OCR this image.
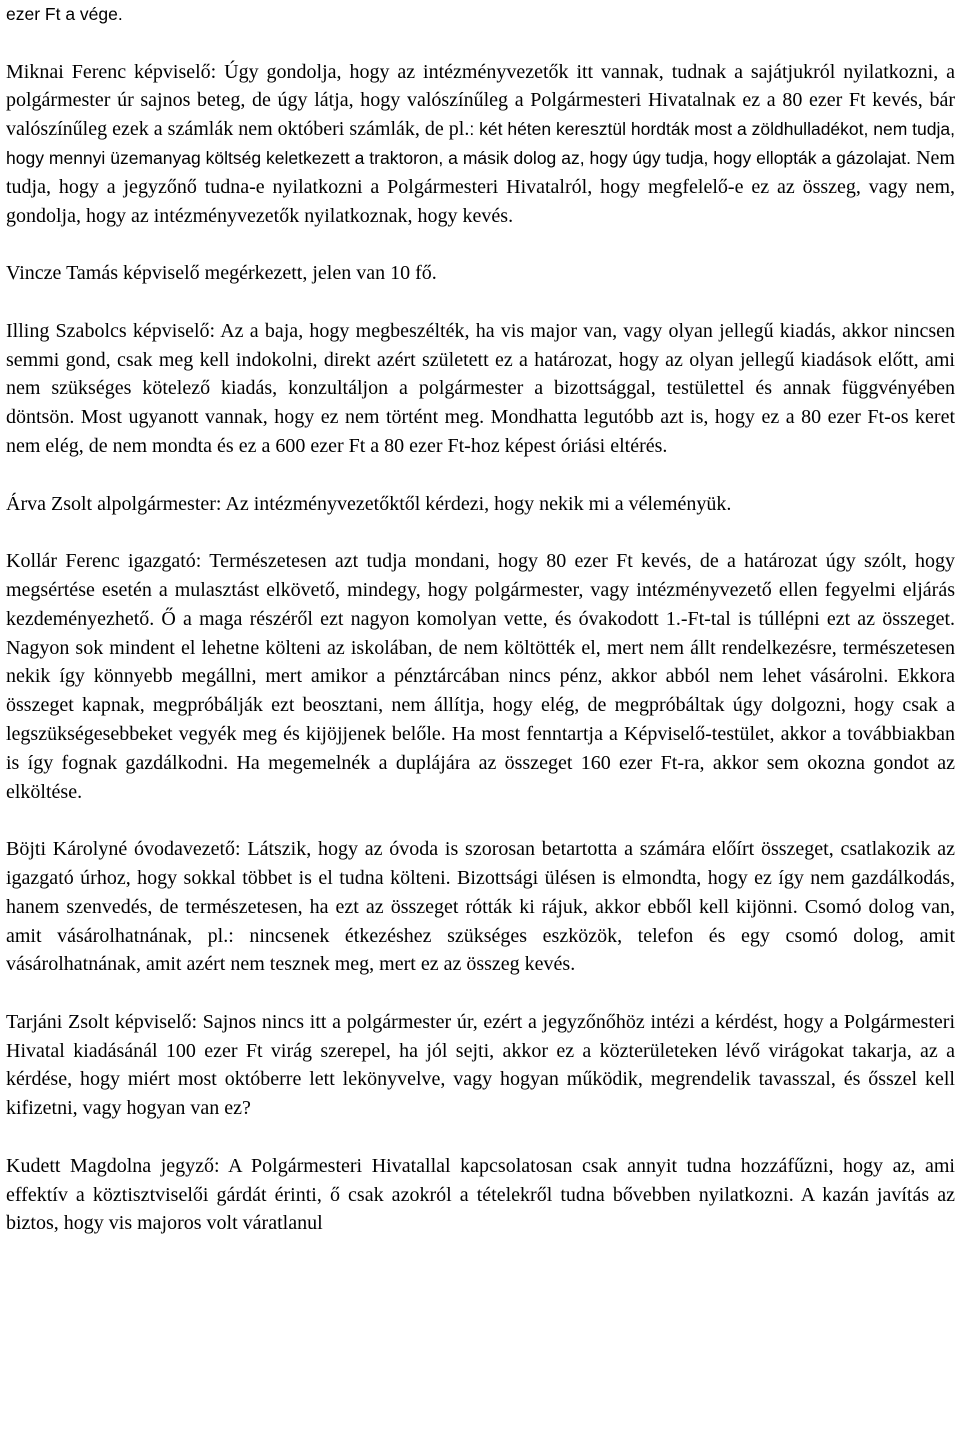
ezer Ft a vége.

Miknai Ferenc képviselő: Úgy gondolja, hogy az intézményvezetők itt vannak, tudnak a sajátjukról nyilatkozni, a polgármester úr sajnos beteg, de úgy látja, hogy valószínűleg a Polgármesteri Hivatalnak ez a 80 ezer Ft kevés, bár valószínűleg ezek a számlák nem októberi számlák, de pl.: két héten keresztül hordták most a zöldhulladékot, nem tudja, hogy mennyi üzemanyag költség keletkezett a traktoron, a másik dolog az, hogy úgy tudja, hogy ellopták a gázolajat. Nem tudja, hogy a jegyzőnő tudna-e nyilatkozni a Polgármesteri Hivatalról, hogy megfelelő-e ez az összeg, vagy nem, gondolja, hogy az intézményvezetők nyilatkoznak, hogy kevés.

Vincze Tamás képviselő megérkezett, jelen van 10 fő.

Illing Szabolcs képviselő: Az a baja, hogy megbeszélték, ha vis major van, vagy olyan jellegű kiadás, akkor nincsen semmi gond, csak meg kell indokolni, direkt azért született ez a határozat, hogy az olyan jellegű kiadások előtt, ami nem szükséges kötelező kiadás, konzultáljon a polgármester a bizottsággal, testülettel és annak függvényében döntsön. Most ugyanott vannak, hogy ez nem történt meg. Mondhatta legutóbb azt is, hogy ez a 80 ezer Ft-os keret nem elég, de nem mondta és ez a 600 ezer Ft a 80 ezer Ft-hoz képest óriási eltérés.

Árva Zsolt alpolgármester: Az intézményvezetőktől kérdezi, hogy nekik mi a véleményük.

Kollár Ferenc igazgató: Természetesen azt tudja mondani, hogy 80 ezer Ft kevés, de a határozat úgy szólt, hogy megsértése esetén a mulasztást elkövető, mindegy, hogy polgármester, vagy intézményvezető ellen fegyelmi eljárás kezdeményezhető. Ő a maga részéről ezt nagyon komolyan vette, és óvakodott 1.-Ft-tal is túllépni ezt az összeget. Nagyon sok mindent el lehetne költeni az iskolában, de nem költötték el, mert nem állt rendelkezésre, természetesen nekik így könnyebb megállni, mert amikor a pénztárcában nincs pénz, akkor abból nem lehet vásárolni. Ekkora összeget kapnak, megpróbálják ezt beosztani, nem állítja, hogy elég, de megpróbáltak úgy dolgozni, hogy csak a legszükségesebbeket vegyék meg és kijöjjenek belőle. Ha most fenntartja a Képviselő-testület, akkor a továbbiakban is így fognak gazdálkodni. Ha megemelnék a duplájára az összeget 160 ezer Ft-ra, akkor sem okozna gondot az elköltése.

Böjti Károlyné óvodavezető: Látszik, hogy az óvoda is szorosan betartotta a számára előírt összeget, csatlakozik az igazgató úrhoz, hogy sokkal többet is el tudna költeni. Bizottsági ülésen is elmondta, hogy ez így nem gazdálkodás, hanem szenvedés, de természetesen, ha ezt az összeget rótták ki rájuk, akkor ebből kell kijönni. Csomó dolog van, amit vásárolhatnának, pl.: nincsenek étkezéshez szükséges eszközök, telefon és egy csomó dolog, amit vásárolhatnának, amit azért nem tesznek meg, mert ez az összeg kevés.

Tarjáni Zsolt képviselő: Sajnos nincs itt a polgármester úr, ezért a jegyzőnőhöz intézi a kérdést, hogy a Polgármesteri Hivatal kiadásánál 100 ezer Ft virág szerepel, ha jól sejti, akkor ez a közterületeken lévő virágokat takarja, az a kérdése, hogy miért most októberre lett lekönyvelve, vagy hogyan működik, megrendelik tavasszal, és ősszel kell kifizetni, vagy hogyan van ez?

Kudett Magdolna jegyző: A Polgármesteri Hivatallal kapcsolatosan csak annyit tudna hozzáfűzni, hogy az, ami effektív a köztisztviselői gárdát érinti, ő csak azokról a tételekről tudna bővebben nyilatkozni. A kazán javítás az biztos, hogy vis majoros volt váratlanul
